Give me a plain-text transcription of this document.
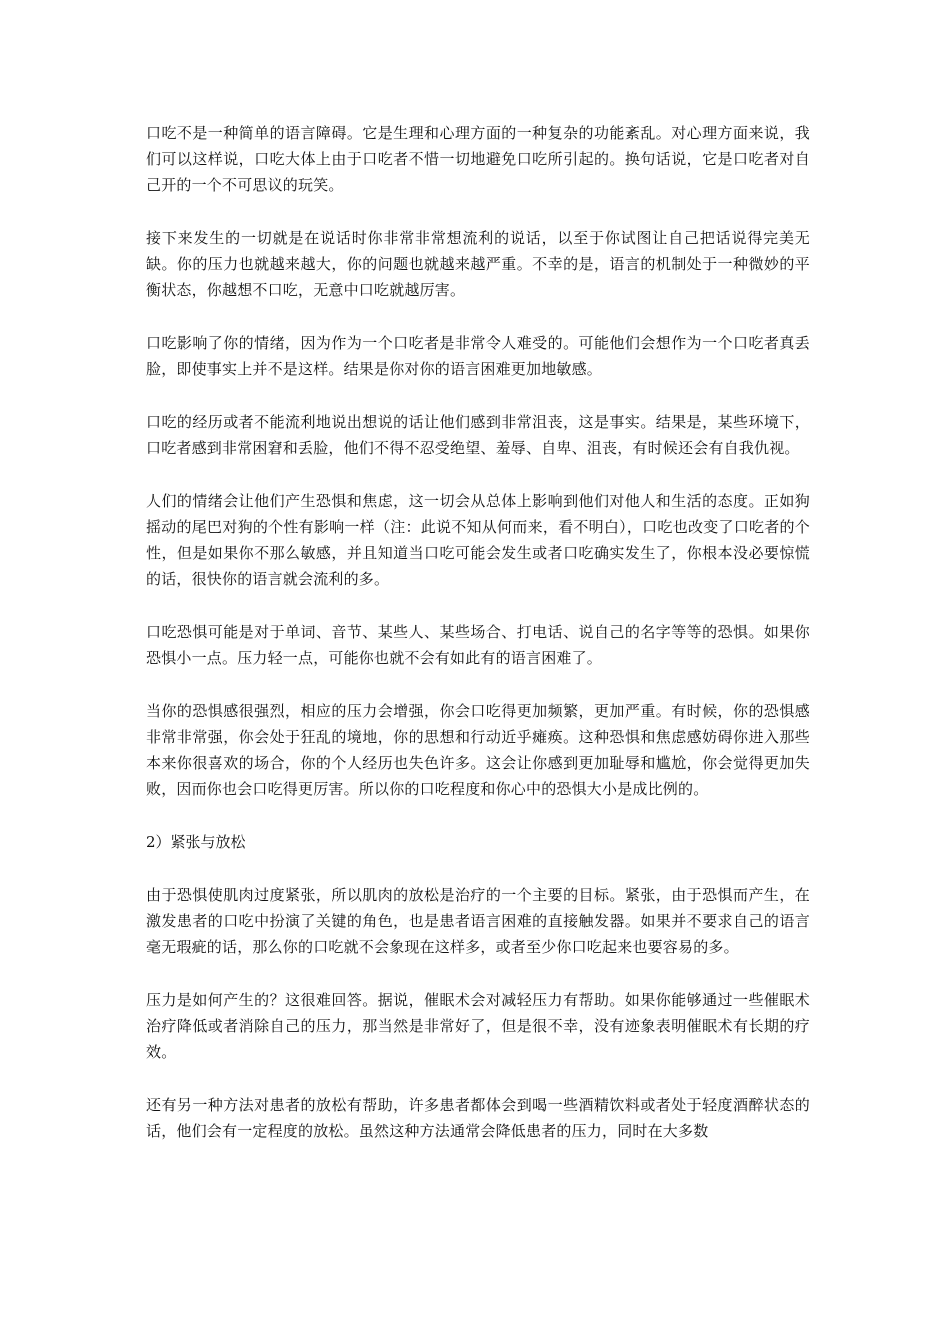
口吃不是一种简单的语言障碍。它是生理和心理方面的一种复杂的功能紊乱。对心理方面来说，我们可以这样说，口吃大体上由于口吃者不惜一切地避免口吃所引起的。换句话说，它是口吃者对自己开的一个不可思议的玩笑。

接下来发生的一切就是在说话时你非常非常想流利的说话，以至于你试图让自己把话说得完美无缺。你的压力也就越来越大，你的问题也就越来越严重。不幸的是，语言的机制处于一种微妙的平衡状态，你越想不口吃，无意中口吃就越厉害。

口吃影响了你的情绪，因为作为一个口吃者是非常令人难受的。可能他们会想作为一个口吃者真丢脸，即使事实上并不是这样。结果是你对你的语言困难更加地敏感。

口吃的经历或者不能流利地说出想说的话让他们感到非常沮丧，这是事实。结果是，某些环境下，口吃者感到非常困窘和丢脸，他们不得不忍受绝望、羞辱、自卑、沮丧，有时候还会有自我仇视。

人们的情绪会让他们产生恐惧和焦虑，这一切会从总体上影响到他们对他人和生活的态度。正如狗摇动的尾巴对狗的个性有影响一样（注：此说不知从何而来，看不明白），口吃也改变了口吃者的个性，但是如果你不那么敏感，并且知道当口吃可能会发生或者口吃确实发生了，你根本没必要惊慌的话，很快你的语言就会流利的多。

口吃恐惧可能是对于单词、音节、某些人、某些场合、打电话、说自己的名字等等的恐惧。如果你恐惧小一点。压力轻一点，可能你也就不会有如此有的语言困难了。

当你的恐惧感很强烈，相应的压力会增强，你会口吃得更加频繁，更加严重。有时候，你的恐惧感非常非常强，你会处于狂乱的境地，你的思想和行动近乎瘫痪。这种恐惧和焦虑感妨碍你进入那些本来你很喜欢的场合，你的个人经历也失色许多。这会让你感到更加耻辱和尴尬，你会觉得更加失败，因而你也会口吃得更厉害。所以你的口吃程度和你心中的恐惧大小是成比例的。

2）紧张与放松

由于恐惧使肌肉过度紧张，所以肌肉的放松是治疗的一个主要的目标。紧张，由于恐惧而产生，在激发患者的口吃中扮演了关键的角色，也是患者语言困难的直接触发器。如果并不要求自己的语言毫无瑕疵的话，那么你的口吃就不会象现在这样多，或者至少你口吃起来也要容易的多。

压力是如何产生的？这很难回答。据说，催眠术会对减轻压力有帮助。如果你能够通过一些催眠术治疗降低或者消除自己的压力，那当然是非常好了，但是很不幸，没有迹象表明催眠术有长期的疗效。

还有另一种方法对患者的放松有帮助，许多患者都体会到喝一些酒精饮料或者处于轻度酒醉状态的话，他们会有一定程度的放松。虽然这种方法通常会降低患者的压力，同时在大多数
